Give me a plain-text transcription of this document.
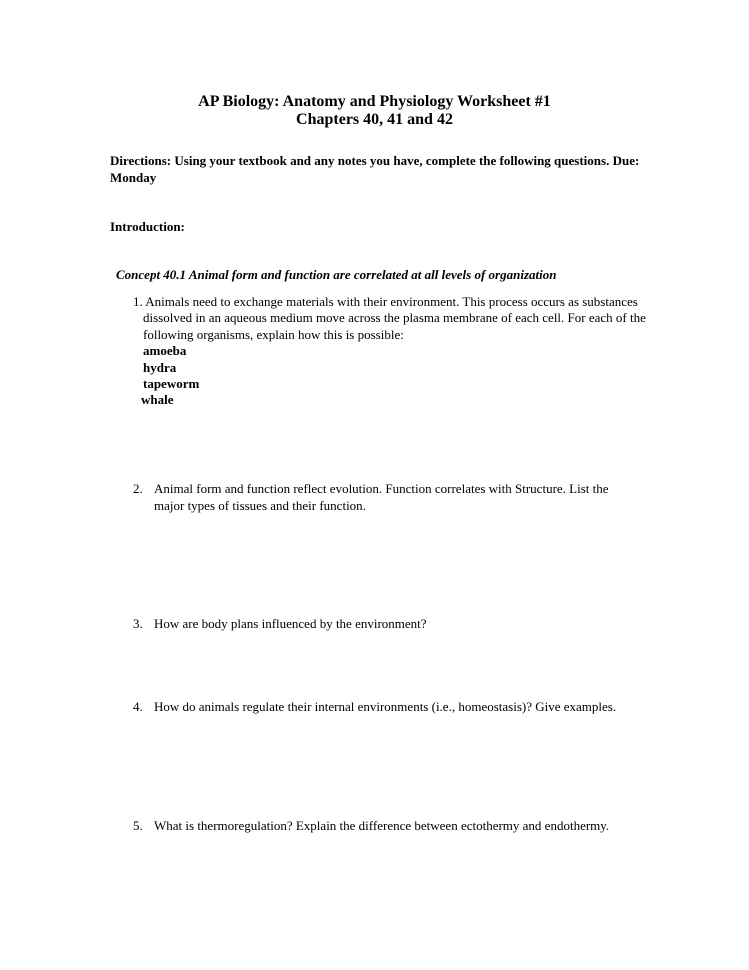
AP Biology: Anatomy and Physiology Worksheet #1
Chapters 40, 41 and 42
Directions: Using your textbook and any notes you have, complete the following questions. Due: Monday
Introduction:
Concept 40.1 Animal form and function are correlated at all levels of organization
1. Animals need to exchange materials with their environment. This process occurs as substances dissolved in an aqueous medium move across the plasma membrane of each cell. For each of the following organisms, explain how this is possible:
amoeba
hydra
tapeworm
whale
2. Animal form and function reflect evolution. Function correlates with Structure. List the major types of tissues and their function.
3. How are body plans influenced by the environment?
4. How do animals regulate their internal environments (i.e., homeostasis)? Give examples.
5. What is thermoregulation? Explain the difference between ectothermy and endothermy.
